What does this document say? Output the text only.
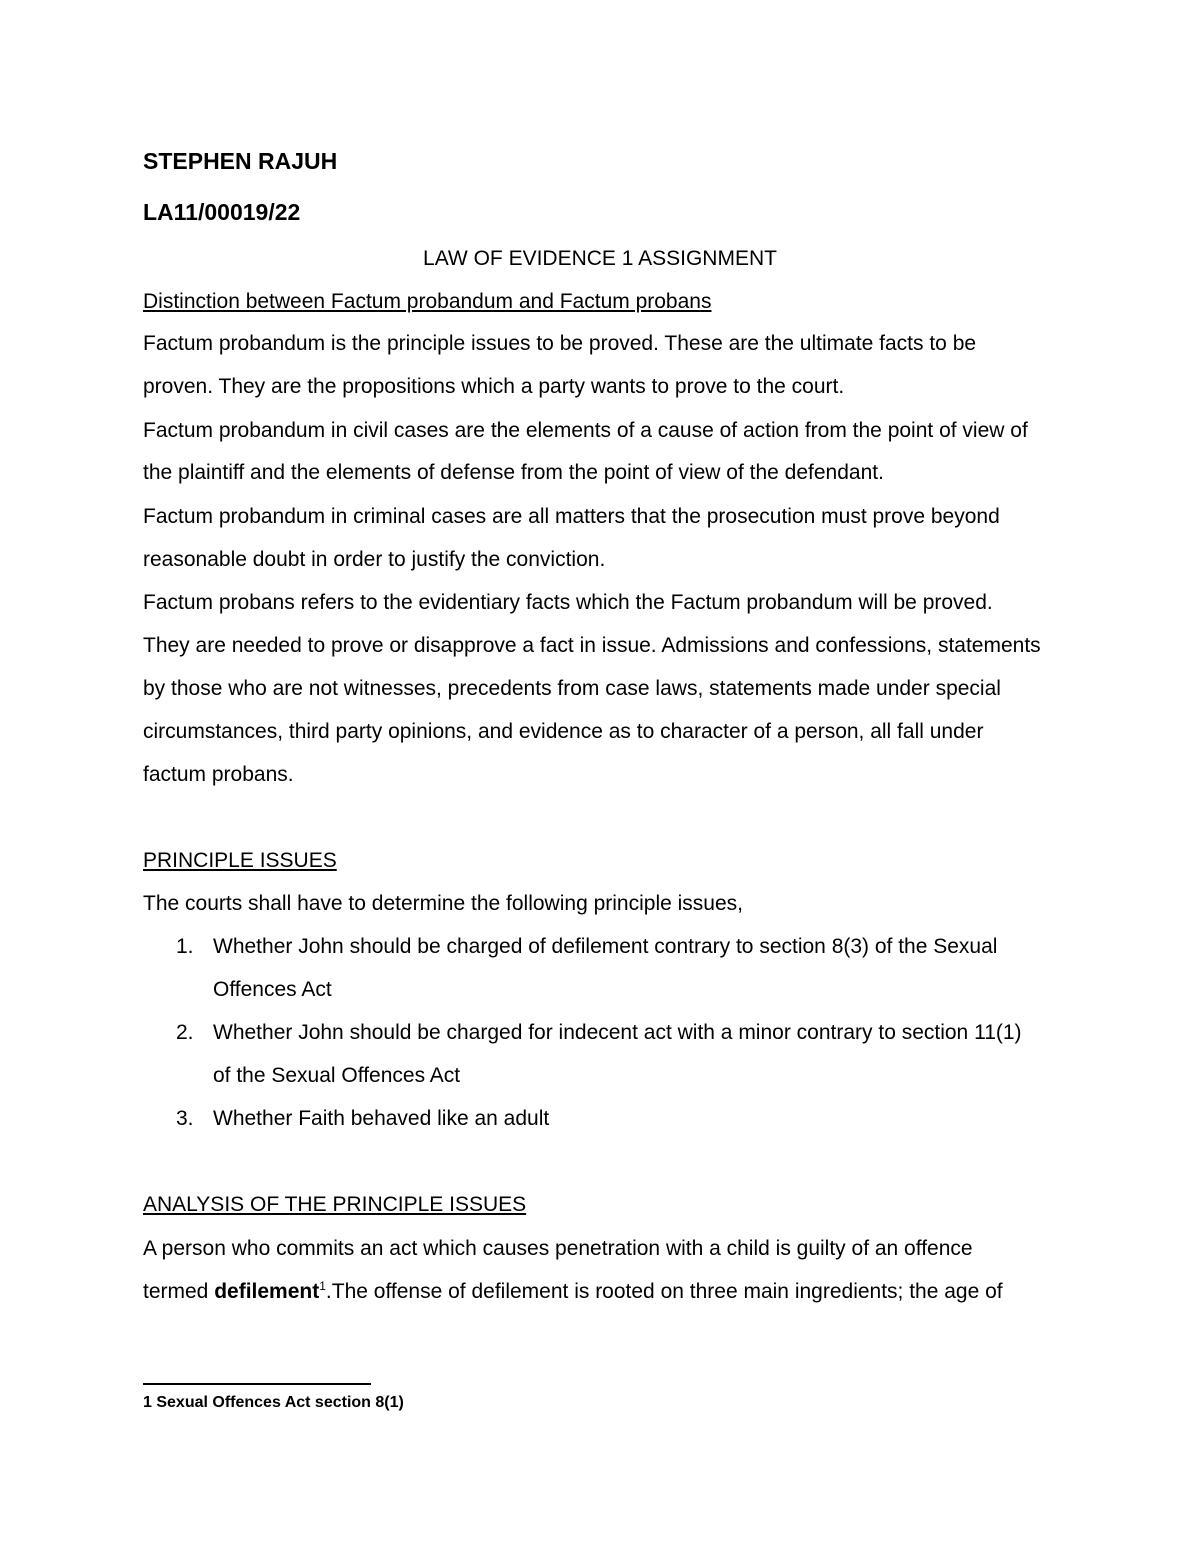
STEPHEN RAJUH
LA11/00019/22
LAW OF EVIDENCE 1 ASSIGNMENT
Distinction between Factum probandum and Factum probans
Factum probandum is the principle issues to be proved. These are the ultimate facts to be
proven. They are the propositions which a party wants to prove to the court.
Factum probandum in civil cases are the elements of a cause of action from the point of view of
the plaintiff and the elements of defense from the point of view of the defendant.
Factum probandum in criminal cases are all matters that the prosecution must prove beyond
reasonable doubt in order to justify the conviction.
Factum probans refers to the evidentiary facts which the Factum probandum will be proved.
They are needed to prove or disapprove a fact in issue. Admissions and confessions, statements
by those who are not witnesses, precedents from case laws, statements made under special
circumstances, third party opinions, and evidence as to character of a person, all fall under
factum probans.
PRINCIPLE ISSUES
The courts shall have to determine the following principle issues,
1. Whether John should be charged of defilement contrary to section 8(3) of the Sexual
Offences Act
2. Whether John should be charged for indecent act with a minor contrary to section 11(1)
of the Sexual Offences Act
3. Whether Faith behaved like an adult
ANALYSIS OF THE PRINCIPLE ISSUES
A person who commits an act which causes penetration with a child is guilty of an offence
termed defilement$^1$.The offense of defilement is rooted on three main ingredients; the age of
1 Sexual Offences Act section 8(1)
